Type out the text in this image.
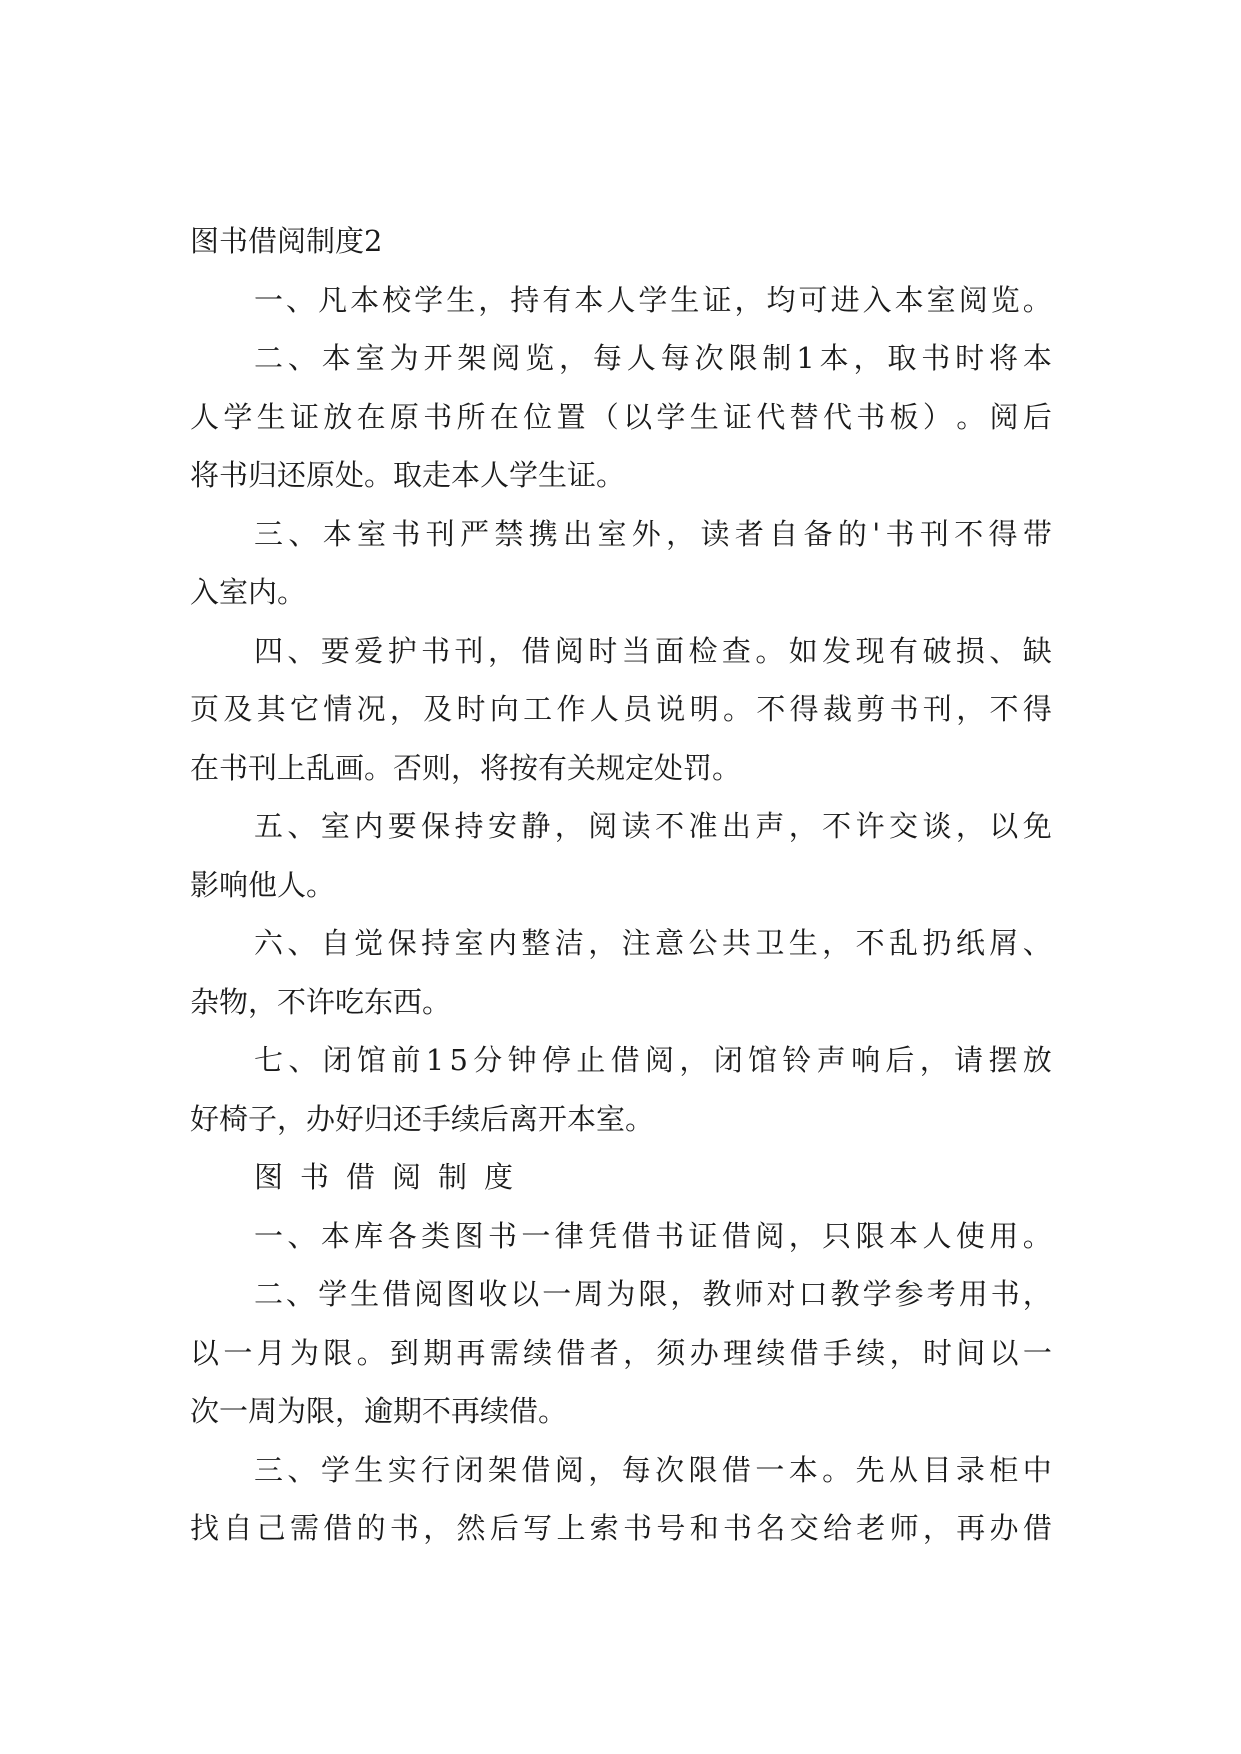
图书借阅制度2
一 、 凡 本 校 学 生 ， 持 有 本 人 学 生 证 ， 均 可 进 入 本 室 阅 览 。
二 、 本 室 为 开 架 阅 览 ， 每 人 每 次 限 制 1 本 ， 取 书 时 将 本
人 学 生 证 放 在 原 书 所 在 位 置 （ 以 学 生 证 代 替 代 书 板 ） 。 阅 后
将书归还原处。取走本人学生证。
三 、 本 室 书 刊 严 禁 携 出 室 外 ， 读 者 自 备 的 ' 书 刊 不 得 带
入室内。
四 、 要 爱 护 书 刊 ， 借 阅 时 当 面 检 查 。 如 发 现 有 破 损 、 缺
页 及 其 它 情 况 ， 及 时 向 工 作 人 员 说 明 。 不 得 裁 剪 书 刊 ， 不 得
在书刊上乱画。否则，将按有关规定处罚。
五 、 室 内 要 保 持 安 静 ， 阅 读 不 准 出 声 ， 不 许 交 谈 ， 以 免
影响他人。
六 、 自 觉 保 持 室 内 整 洁 ， 注 意 公 共 卫 生 ， 不 乱 扔 纸 屑 、
杂物，不许吃东西。
七 、 闭 馆 前 1 5 分 钟 停 止 借 阅 ， 闭 馆 铃 声 响 后 ， 请 摆 放
好椅子，办好归还手续后离开本室。
图书借阅制度
一 、 本 库 各 类 图 书 一 律 凭 借 书 证 借 阅 ， 只 限 本 人 使 用 。
二 、 学 生 借 阅 图 收 以 一 周 为 限 ， 教 师 对 口 教 学 参 考 用 书 ，
以 一 月 为 限 。 到 期 再 需 续 借 者 ， 须 办 理 续 借 手 续 ， 时 间 以 一
次一周为限，逾期不再续借。
三 、 学 生 实 行 闭 架 借 阅 ， 每 次 限 借 一 本 。 先 从 目 录 柜 中
找 自 己 需 借 的 书 ， 然 后 写 上 索 书 号 和 书 名 交 给 老 师 ， 再 办 借
